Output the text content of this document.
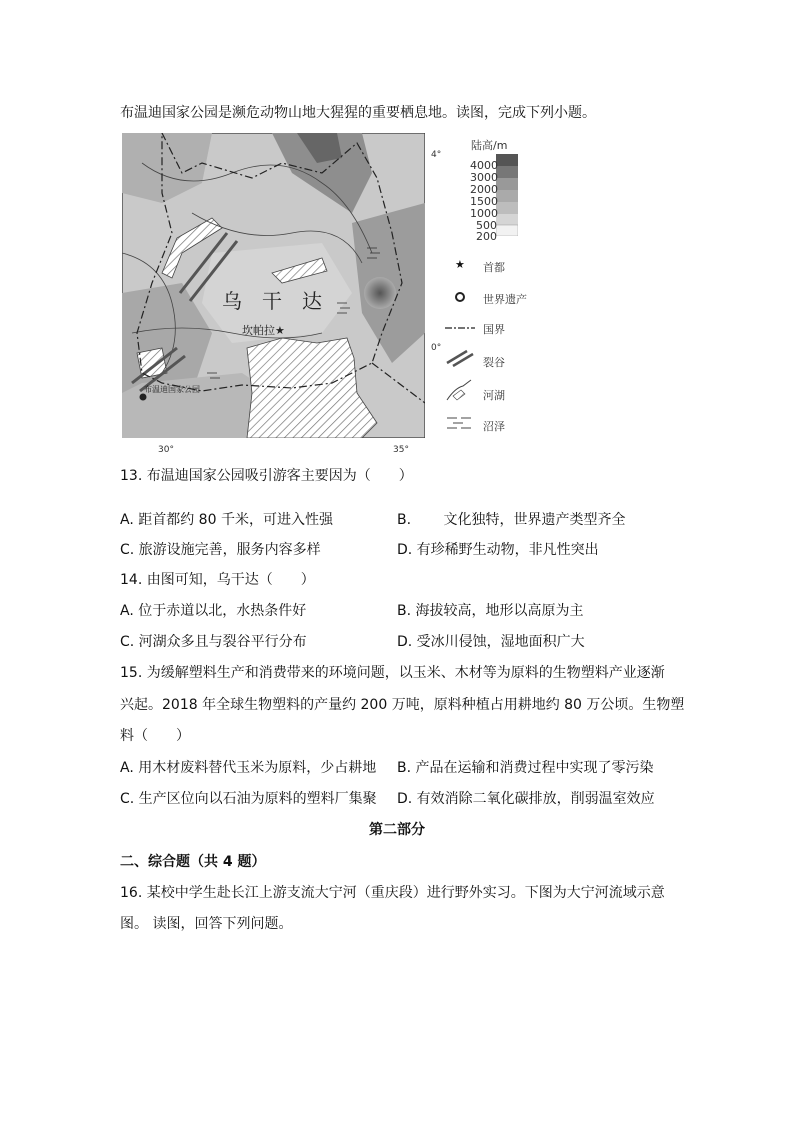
布温迪国家公园是濒危动物山地大猩猩的重要栖息地。读图，完成下列小题。
乌　干　达
坎帕拉★
布温迪国家公园
4°
0°
30°	35°
陆高/m
4000
3000
2000
1500
1000
500
200
★ 首都
世界遗产
国界
裂谷
河湖
沼泽
13. 布温迪国家公园吸引游客主要因为（　　）
A. 距首都约 80 千米，可进入性强	B. 　　文化独特，世界遗产类型齐全
C. 旅游设施完善，服务内容多样	D. 有珍稀野生动物，非凡性突出
14. 由图可知，乌干达（　　）
A. 位于赤道以北，水热条件好	B. 海拔较高，地形以高原为主
C. 河湖众多且与裂谷平行分布	D. 受冰川侵蚀，湿地面积广大
15. 为缓解塑料生产和消费带来的环境问题，以玉米、木材等为原料的生物塑料产业逐渐
兴起。2018 年全球生物塑料的产量约 200 万吨，原料种植占用耕地约 80 万公顷。生物塑
料（　　）
A. 用木材废料替代玉米为原料，少占耕地 B. 产品在运输和消费过程中实现了零污染
C. 生产区位向以石油为原料的塑料厂集聚 D. 有效消除二氧化碳排放，削弱温室效应
第二部分
二、综合题（共 4 题）
16. 某校中学生赴长江上游支流大宁河（重庆段）进行野外实习。下图为大宁河流域示意
图。 读图，回答下列问题。
